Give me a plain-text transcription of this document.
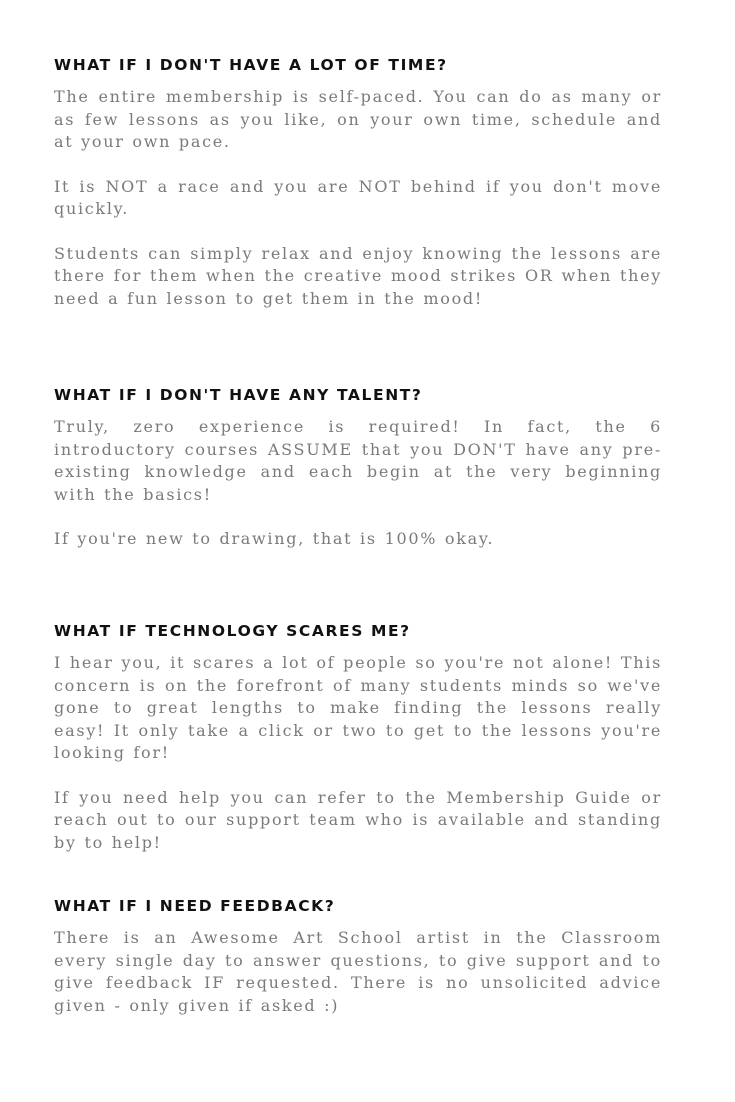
WHAT IF I DON'T HAVE A LOT OF TIME?

The entire membership is self-paced. You can do as many or as few lessons as you like, on your own time, schedule and at your own pace.

It is NOT a race and you are NOT behind if you don't move quickly.

Students can simply relax and enjoy knowing the lessons are there for them when the creative mood strikes OR when they need a fun lesson to get them in the mood!

WHAT IF I DON'T HAVE ANY TALENT?

Truly, zero experience is required! In fact, the 6 introductory courses ASSUME that you DON'T have any pre-existing knowledge and each begin at the very beginning with the basics!

If you're new to drawing, that is 100% okay.

WHAT IF TECHNOLOGY SCARES ME?

I hear you, it scares a lot of people so you're not alone! This concern is on the forefront of many students minds so we've gone to great lengths to make finding the lessons really easy! It only take a click or two to get to the lessons you're looking for!

If you need help you can refer to the Membership Guide or reach out to our support team who is available and standing by to help!

WHAT IF I NEED FEEDBACK?

There is an Awesome Art School artist in the Classroom every single day to answer questions, to give support and to give feedback IF requested. There is no unsolicited advice given - only given if asked :)
